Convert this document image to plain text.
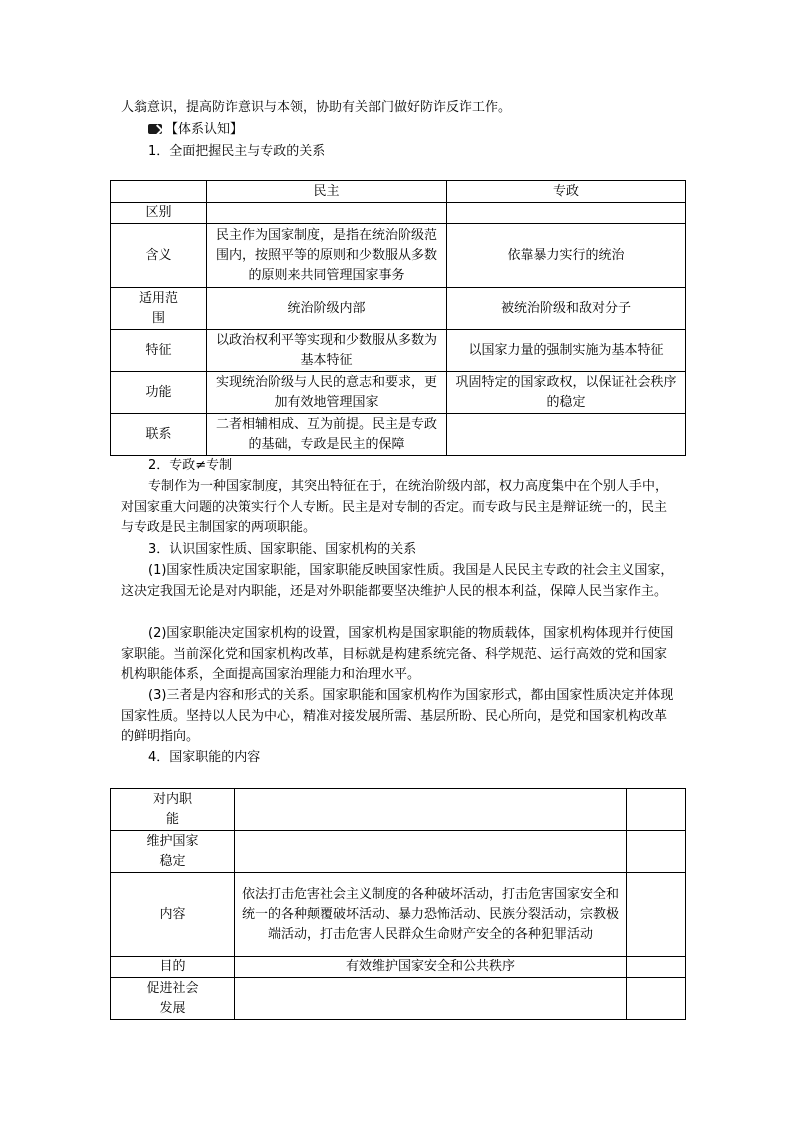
人翁意识，提高防诈意识与本领，协助有关部门做好防诈反诈工作。
【体系认知】
1．全面把握民主与专政的关系
	民主	专政
区别		
含义	民主作为国家制度，是指在统治阶级范围内，按照平等的原则和少数服从多数的原则来共同管理国家事务	依靠暴力实行的统治
适用范围	统治阶级内部	被统治阶级和敌对分子
特征	以政治权利平等实现和少数服从多数为基本特征	以国家力量的强制实施为基本特征
功能	实现统治阶级与人民的意志和要求，更加有效地管理国家	巩固特定的国家政权，以保证社会秩序的稳定
联系	二者相辅相成、互为前提。民主是专政的基础，专政是民主的保障	
2．专政≠专制
专制作为一种国家制度，其突出特征在于，在统治阶级内部，权力高度集中在个别人手中，对国家重大问题的决策实行个人专断。民主是对专制的否定。而专政与民主是辩证统一的，民主与专政是民主制国家的两项职能。
3．认识国家性质、国家职能、国家机构的关系
(1)国家性质决定国家职能，国家职能反映国家性质。我国是人民民主专政的社会主义国家，这决定我国无论是对内职能，还是对外职能都要坚决维护人民的根本利益，保障人民当家作主。
(2)国家职能决定国家机构的设置，国家机构是国家职能的物质载体，国家机构体现并行使国家职能。当前深化党和国家机构改革，目标就是构建系统完备、科学规范、运行高效的党和国家机构职能体系，全面提高国家治理能力和治理水平。
(3)三者是内容和形式的关系。国家职能和国家机构作为国家形式，都由国家性质决定并体现国家性质。坚持以人民为中心，精准对接发展所需、基层所盼、民心所向，是党和国家机构改革的鲜明指向。
4．国家职能的内容
对内职能		
维护国家稳定		
内容	依法打击危害社会主义制度的各种破坏活动，打击危害国家安全和统一的各种颠覆破坏活动、暴力恐怖活动、民族分裂活动，宗教极端活动，打击危害人民群众生命财产安全的各种犯罪活动	
目的	有效维护国家安全和公共秩序	
促进社会发展		
